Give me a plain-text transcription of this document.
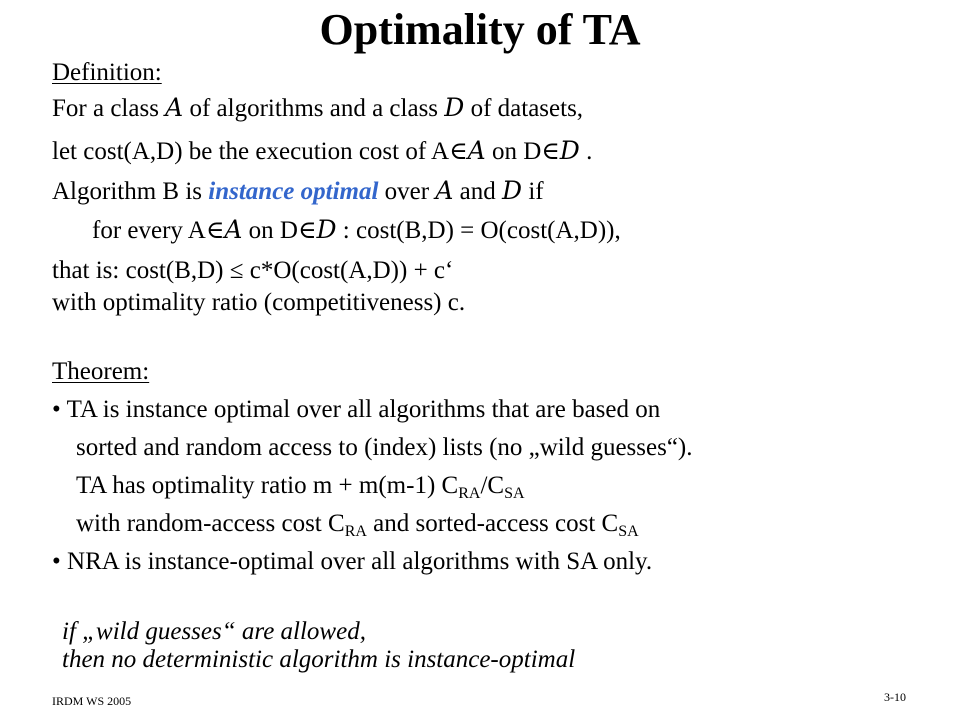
Optimality of TA
Definition:
For a class A of algorithms and a class D of datasets,
let cost(A,D) be the execution cost of A∈A on D∈D .
Algorithm B is instance optimal over A and D if
for every A∈A on D∈D : cost(B,D) = O(cost(A,D)),
that is: cost(B,D) ≤ c*O(cost(A,D)) + c‘
with optimality ratio (competitiveness) c.
Theorem:
• TA is instance optimal over all algorithms that are based on
sorted and random access to (index) lists (no „wild guesses“).
TA has optimality ratio m + m(m-1) $C_{RA}/C_{SA}$
with random-access cost $C_{RA}$ and sorted-access cost $C_{SA}$
• NRA is instance-optimal over all algorithms with SA only.
if „wild guesses“ are allowed,
then no deterministic algorithm is instance-optimal
IRDM WS 2005	3-10
